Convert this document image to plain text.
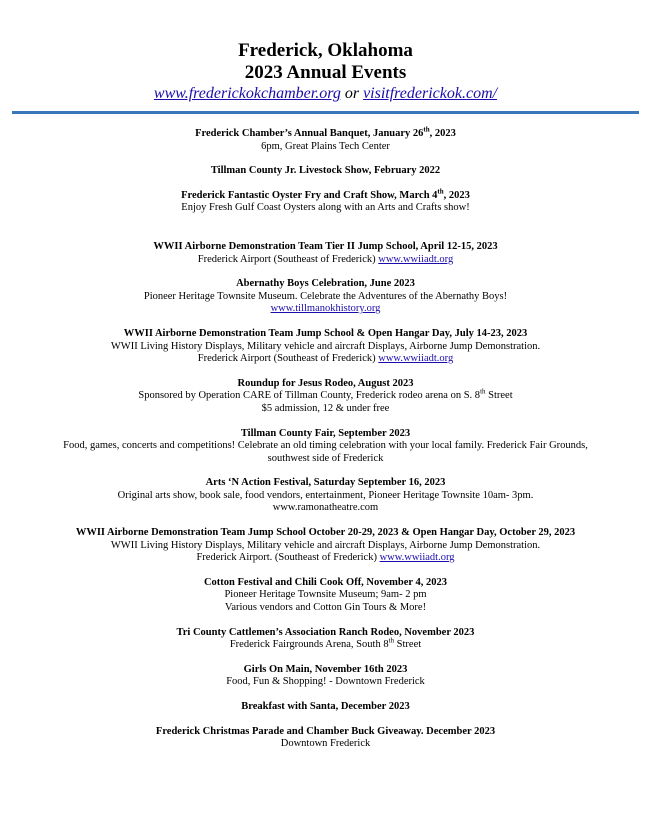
Frederick, Oklahoma
2023 Annual Events
www.frederickokchamber.org or visitfrederickok.com/
Frederick Chamber’s Annual Banquet, January 26th, 2023
6pm, Great Plains Tech Center
Tillman County Jr. Livestock Show, February 2022
Frederick Fantastic Oyster Fry and Craft Show, March 4th, 2023
Enjoy Fresh Gulf Coast Oysters along with an Arts and Crafts show!
WWII Airborne Demonstration Team Tier II Jump School, April 12-15, 2023
Frederick Airport (Southeast of Frederick) www.wwiiadt.org
Abernathy Boys Celebration, June 2023
Pioneer Heritage Townsite Museum. Celebrate the Adventures of the Abernathy Boys!
www.tillmanokhistory.org
WWII Airborne Demonstration Team Jump School & Open Hangar Day, July 14-23, 2023
WWII Living History Displays, Military vehicle and aircraft Displays, Airborne Jump Demonstration.
Frederick Airport (Southeast of Frederick) www.wwiiadt.org
Roundup for Jesus Rodeo, August 2023
Sponsored by Operation CARE of Tillman County, Frederick rodeo arena on S. 8th Street
$5 admission, 12 & under free
Tillman County Fair, September 2023
Food, games, concerts and competitions! Celebrate an old timing celebration with your local family. Frederick Fair Grounds, southwest side of Frederick
Arts ‘N Action Festival, Saturday September 16, 2023
Original arts show, book sale, food vendors, entertainment, Pioneer Heritage Townsite 10am- 3pm.
www.ramonatheatre.com
WWII Airborne Demonstration Team Jump School October 20-29, 2023 & Open Hangar Day, October 29, 2023
WWII Living History Displays, Military vehicle and aircraft Displays, Airborne Jump Demonstration.
Frederick Airport. (Southeast of Frederick) www.wwiiadt.org
Cotton Festival and Chili Cook Off, November 4, 2023
Pioneer Heritage Townsite Museum; 9am- 2 pm
Various vendors and Cotton Gin Tours & More!
Tri County Cattlemen’s Association Ranch Rodeo, November 2023
Frederick Fairgrounds Arena, South 8th Street
Girls On Main, November 16th 2023
Food, Fun & Shopping! - Downtown Frederick
Breakfast with Santa, December 2023
Frederick Christmas Parade and Chamber Buck Giveaway. December 2023
Downtown Frederick
